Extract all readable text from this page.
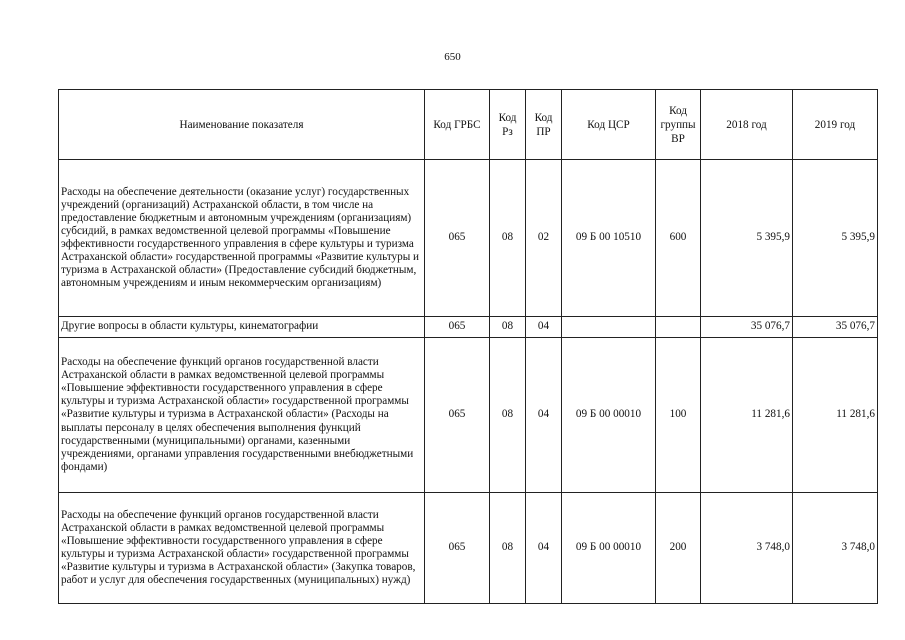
650
Наименование показателя	Код ГРБС	Код Рз	Код ПР	Код ЦСР	Код группы ВР	2018 год	2019 год
Расходы на обеспечение деятельности (оказание услуг) государственных учреждений (организаций) Астраханской области, в том числе на предоставление бюджетным и автономным учреждениям (организациям) субсидий, в рамках ведомственной целевой программы «Повышение эффективности государственного управления в сфере культуры и туризма Астраханской области» государственной программы «Развитие культуры и туризма в Астраханской области» (Предоставление субсидий бюджетным, автономным учреждениям и иным некоммерческим организациям)	065	08	02	09 Б 00 10510	600	5 395,9	5 395,9
Другие вопросы в области культуры, кинематографии	065	08	04			35 076,7	35 076,7
Расходы на обеспечение функций органов государственной власти Астраханской области в рамках ведомственной целевой программы «Повышение эффективности государственного управления в сфере культуры и туризма Астраханской области» государственной программы «Развитие культуры и туризма в Астраханской области» (Расходы на выплаты персоналу в целях обеспечения выполнения функций государственными (муниципальными) органами, казенными учреждениями, органами управления государственными внебюджетными фондами)	065	08	04	09 Б 00 00010	100	11 281,6	11 281,6
Расходы на обеспечение функций органов государственной власти Астраханской области в рамках ведомственной целевой программы «Повышение эффективности государственного управления в сфере культуры и туризма Астраханской области» государственной программы «Развитие культуры и туризма в Астраханской области» (Закупка товаров, работ и услуг для обеспечения государственных (муниципальных) нужд)	065	08	04	09 Б 00 00010	200	3 748,0	3 748,0
